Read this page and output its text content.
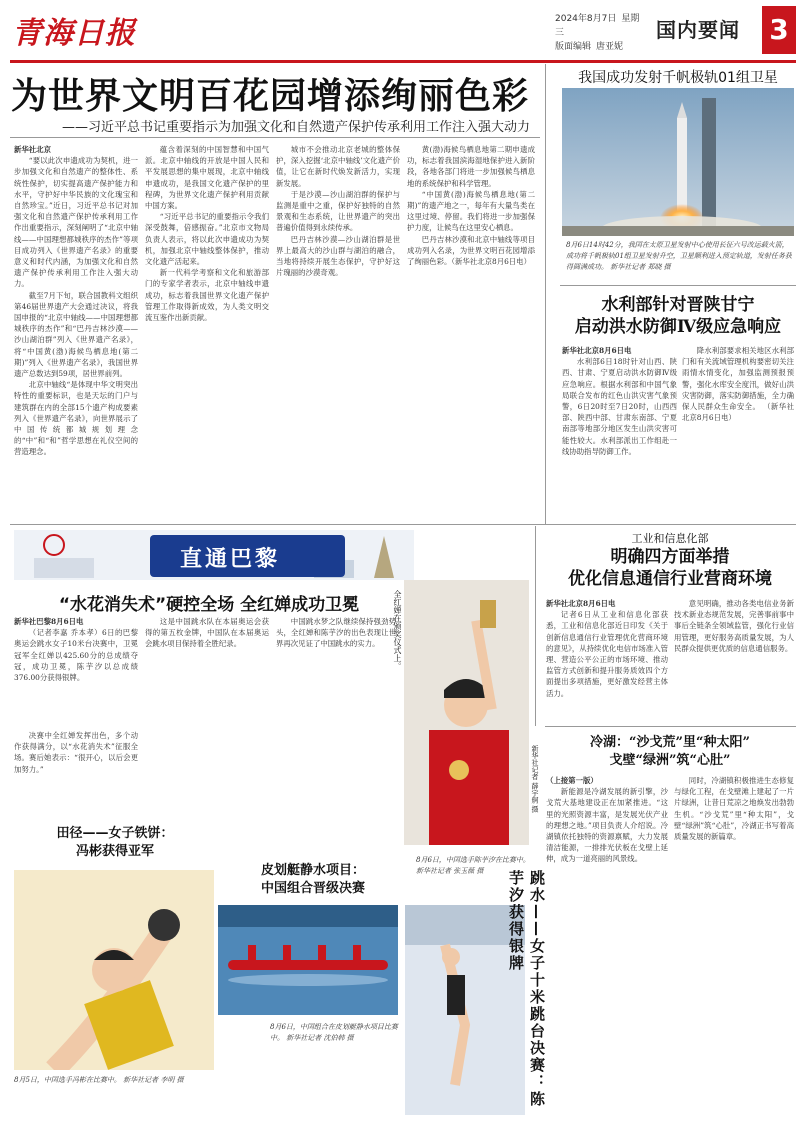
青海日报	2024年8月7日 星期三
版面编辑 唐亚妮
国内要闻 3
为世界文明百花园增添绚丽色彩
——习近平总书记重要指示为加强文化和自然遗产保护传承利用工作注入强大动力

新华社北京

“要以此次申遗成功为契机，进一步加强文化和自然遗产的整体性、系统性保护，切实提高遗产保护能力和水平，守护好中华民族的文化瑰宝和自然珍宝。”近日，习近平总书记对加强文化和自然遗产保护传承利用工作作出重要指示，深刻阐明了“北京中轴线——中国理想都城秩序的杰作”等项目成功列入《世界遗产名录》的重要意义和时代内涵，为加强文化和自然遗产保护传承利用工作注入强大动力。

截至7月下旬，联合国教科文组织第46届世界遗产大会通过决议，将我国申报的“北京中轴线——中国理想都城秩序的杰作”和“巴丹吉林沙漠——沙山湖泊群”列入《世界遗产名录》，将“中国黄(渤)海候鸟栖息地(第二期)”列入《世界遗产名录》，我国世界遗产总数达到59项，居世界前列。

北京中轴线“是体现中华文明突出特性的重要标识，也是天坛的门户与建筑群在内的全部15个遗产构成要素列入《世界遗产名录》，向世界展示了中国传统都城规划理念的“中”和“和”哲学思想在礼仪空间的营造理念。

蕴含着深刻的中国智慧和中国气派。北京中轴线的开放是中国人民和平发展思想的集中展现，北京中轴线申遗成功，是我国文化遗产保护的里程碑，为世界文化遗产保护利用贡献中国方案。

“习近平总书记的重要指示令我们深受鼓舞，倍感振奋。”北京市文物局负责人表示，将以此次申遗成功为契机，加强北京中轴线整体保护，推动文化遗产活起来。

新一代科学考察和文化和旅游部门的专家学者表示，北京中轴线申遗成功，标志着我国世界文化遗产保护管理工作取得新成效，为人类文明交流互鉴作出新贡献。

城市不会推动北京老城的整体保护，深入挖掘‘北京中轴线’文化遗产价值，让它在新时代焕发新活力，实现新发展。

于是沙漠—沙山湖泊群的保护与监测是重中之重，保护好独特的自然景观和生态系统，让世界遗产的突出普遍价值得到永续传承。

巴丹吉林沙漠—沙山湖泊群是世界上最高大的沙山群与湖泊的融合，当地将持续开展生态保护，守护好这片瑰丽的沙漠奇观。

黄(渤)海候鸟栖息地第二期申遗成功，标志着我国滨海湿地保护进入新阶段，各地各部门将进一步加强候鸟栖息地的系统保护和科学管理。

“中国黄(渤)海候鸟栖息地(第二期)”的遗产地之一，每年有大量鸟类在这里过境、停留。我们将进一步加强保护力度，让候鸟在这里安心栖息。

巴丹吉林沙漠和北京中轴线等项目成功列入名录，为世界文明百花园增添了绚丽色彩。（新华社北京8月6日电）

我国成功发射千帆极轨01组卫星
8月6日14时42分，我国在太原卫星发射中心使用长征六号改运载火箭，成功将千帆极轨01组卫星发射升空，卫星顺利进入预定轨道，发射任务获得圆满成功。 新华社记者 郑晓 摄
水利部针对晋陕甘宁
启动洪水防御Ⅳ级应急响应

新华社北京8月6日电

水利部6日18时针对山西、陕西、甘肃、宁夏启动洪水防御Ⅳ级应急响应。根据水利部和中国气象局联合发布的红色山洪灾害气象预警，6日20时至7日20时，山西西部、陕西中部、甘肃东南部、宁夏南部等地部分地区发生山洪灾害可能性较大。水利部派出工作组赴一线协助指导防御工作。

降水利部要求相关地区水利部门和有关流域管理机构要密切关注雨情水情变化，加强监测预报预警，强化水库安全度汛，做好山洪灾害防御，落实防御措施，全力确保人民群众生命安全。 （新华社北京8月6日电）

工业和信息化部
明确四方面举措
优化信息通信行业营商环境

新华社北京8月6日电

记者6日从工业和信息化部获悉，工业和信息化部近日印发《关于创新信息通信行业管理优化营商环境的意见》，从持续优化电信市场准入管理、营造公平公正的市场环境、推动监管方式创新和提升服务质效四个方面提出多项措施，更好激发经营主体活力。

意见明确，推动各类电信业务新技术新业态规范发展，完善事前事中事后全链条全领域监管，强化行业信用管理，更好服务高质量发展，为人民群众提供更优质的信息通信服务。

冷湖：“沙戈荒”里“种太阳”
戈壁“绿洲”筑“心肚”

（上接第一版）

新能源是冷湖发展的新引擎，沙戈荒大基地建设正在加紧推进。“这里的光照资源丰富，是发展光伏产业的理想之地。”项目负责人介绍说。冷湖镇依托独特的资源禀赋，大力发展清洁能源，一排排光伏板在戈壁上延伸，成为一道亮丽的风景线。

同时，冷湖镇积极推进生态修复与绿化工程，在戈壁滩上建起了一片片绿洲，让昔日荒凉之地焕发出勃勃生机。“沙戈荒”里“种太阳”，戈壁“绿洲”筑“心肚”，冷湖正书写着高质量发展的新篇章。

直通巴黎
“水花消失术”硬控全场 全红婵成功卫冕

新华社巴黎8月6日电

（记者李嘉 乔本孝）6日的巴黎奥运会跳水女子10米台决赛中，卫冕冠军全红婵以425.60分的总成绩夺冠，成功卫冕，陈芋汐以总成绩376.00分获得银牌。

决赛中全红婵发挥出色，多个动作获得满分，以“水花消失术”征服全场。赛后她表示：“很开心，以后会更加努力。”

这是中国跳水队在本届奥运会获得的第五枚金牌，中国队在本届奥运会跳水项目保持着全胜纪录。

中国跳水梦之队继续保持强劲势头，全红婵和陈芋汐的出色表现让世界再次见证了中国跳水的实力。	全红婵在颁奖仪式上。
新华社记者 薛宇舸 摄
田径——女子铁饼：
冯彬获得亚军
8月5日，中国选手冯彬在比赛中。 新华社记者 李明 摄
皮划艇静水项目：
中国组合晋级决赛
8月6日，中国组合在皮划艇静水项目比赛中。 新华社记者 沈伯韩 摄
8月6日，中国选手陈芋汐在比赛中。 新华社记者 张玉薇 摄	跳水——女子十米跳台决赛：陈芋汐获得银牌
